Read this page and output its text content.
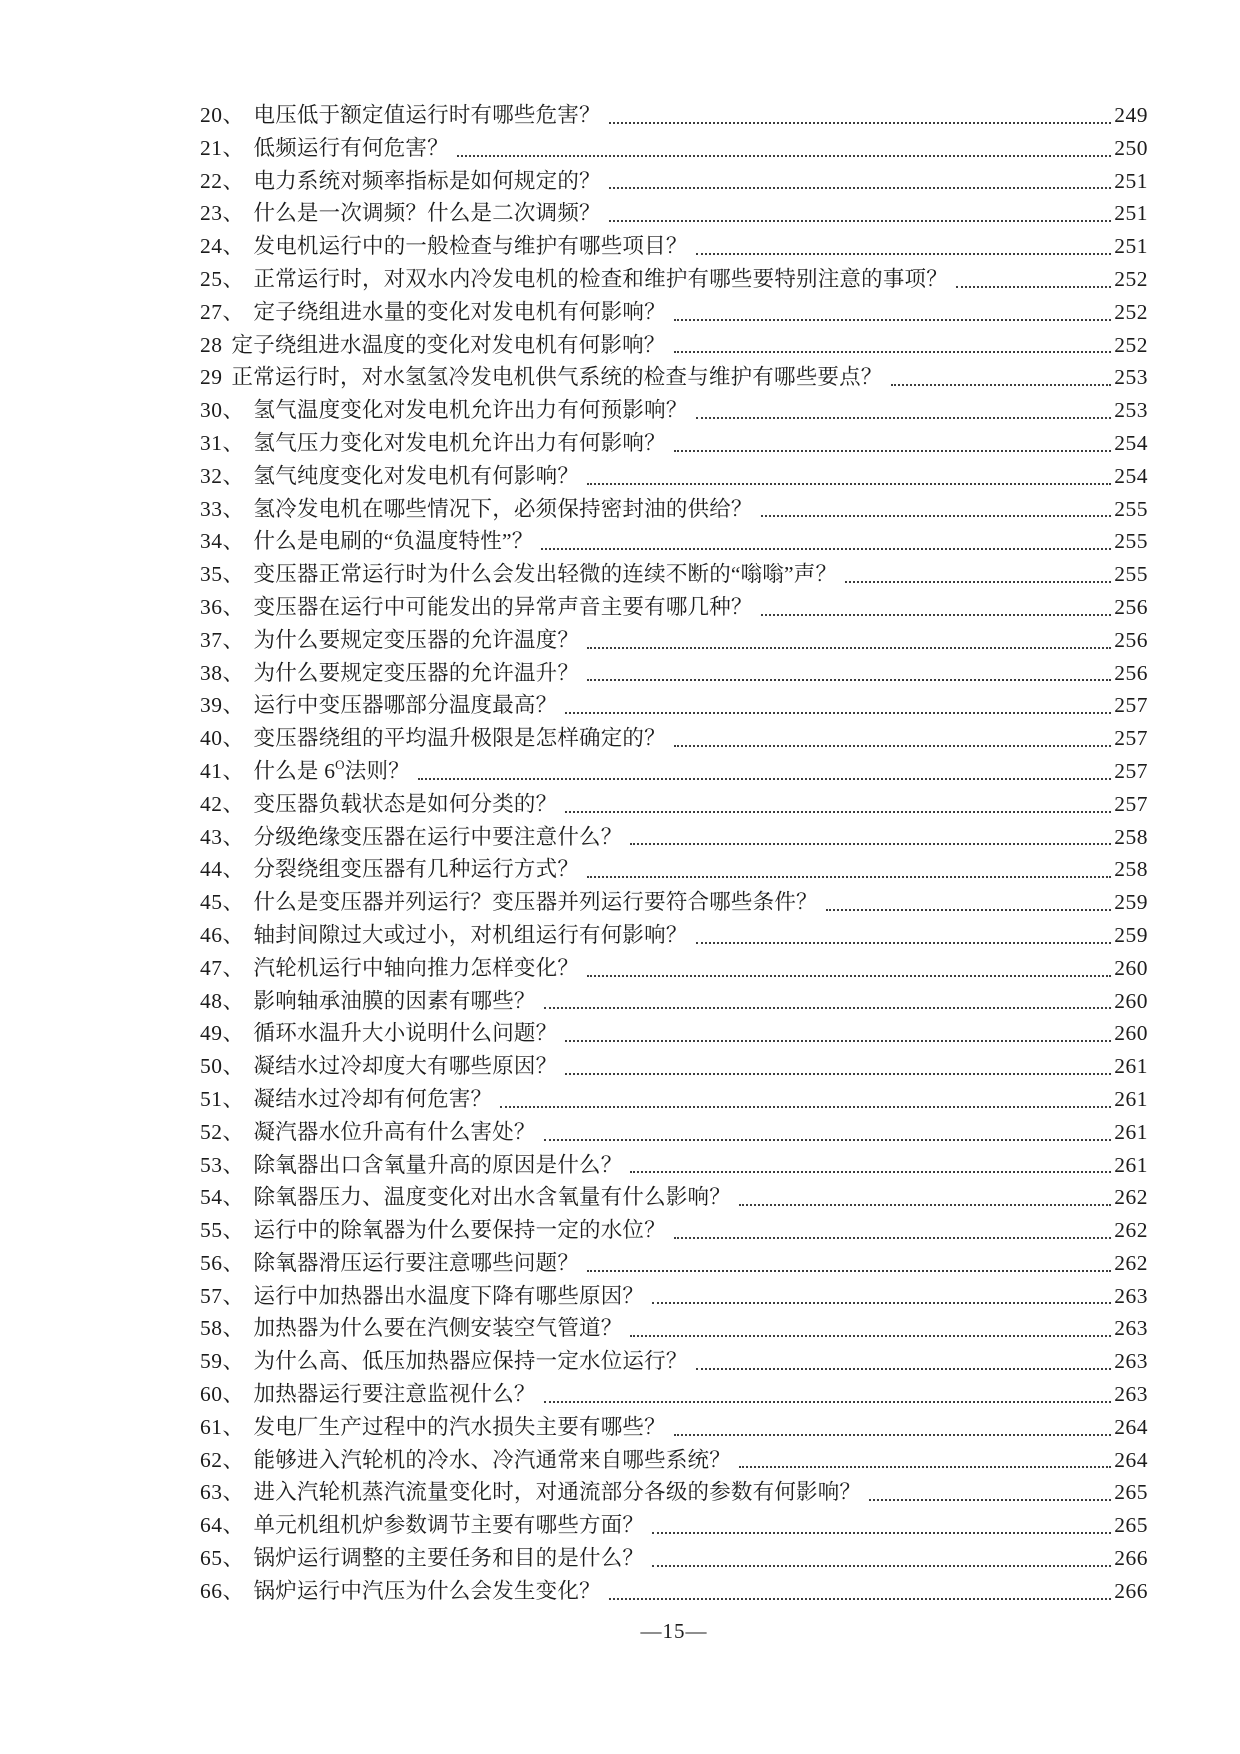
20、 电压低于额定值运行时有哪些危害？	249
21、 低频运行有何危害？	250
22、 电力系统对频率指标是如何规定的？	251
23、 什么是一次调频？什么是二次调频？	251
24、 发电机运行中的一般检查与维护有哪些项目？	251
25、 正常运行时，对双水内冷发电机的检查和维护有哪些要特别注意的事项？	252
27、 定子绕组进水量的变化对发电机有何影响？	252
28 定子绕组进水温度的变化对发电机有何影响？	252
29 正常运行时，对水氢氢冷发电机供气系统的检查与维护有哪些要点？	253
30、 氢气温度变化对发电机允许出力有何预影响？	253
31、 氢气压力变化对发电机允许出力有何影响？	254
32、 氢气纯度变化对发电机有何影响？	254
33、 氢冷发电机在哪些情况下，必须保持密封油的供给？	255
34、 什么是电刷的“负温度特性”？	255
35、 变压器正常运行时为什么会发出轻微的连续不断的“嗡嗡”声？	255
36、 变压器在运行中可能发出的异常声音主要有哪几种？	256
37、 为什么要规定变压器的允许温度？	256
38、 为什么要规定变压器的允许温升？	256
39、 运行中变压器哪部分温度最高？	257
40、 变压器绕组的平均温升极限是怎样确定的？	257
41、 什么是 $6^O$法则？	257
42、 变压器负载状态是如何分类的？	257
43、 分级绝缘变压器在运行中要注意什么？	258
44、 分裂绕组变压器有几种运行方式？	258
45、 什么是变压器并列运行？变压器并列运行要符合哪些条件？	259
46、 轴封间隙过大或过小，对机组运行有何影响？	259
47、 汽轮机运行中轴向推力怎样变化？	260
48、 影响轴承油膜的因素有哪些？	260
49、 循环水温升大小说明什么问题？	260
50、 凝结水过冷却度大有哪些原因？	261
51、 凝结水过冷却有何危害？	261
52、 凝汽器水位升高有什么害处？	261
53、 除氧器出口含氧量升高的原因是什么？	261
54、 除氧器压力、温度变化对出水含氧量有什么影响？	262
55、 运行中的除氧器为什么要保持一定的水位？	262
56、 除氧器滑压运行要注意哪些问题？	262
57、 运行中加热器出水温度下降有哪些原因？	263
58、 加热器为什么要在汽侧安装空气管道？	263
59、 为什么高、低压加热器应保持一定水位运行？	263
60、 加热器运行要注意监视什么？	263
61、 发电厂生产过程中的汽水损失主要有哪些？	264
62、 能够进入汽轮机的冷水、冷汽通常来自哪些系统？	264
63、 进入汽轮机蒸汽流量变化时，对通流部分各级的参数有何影响？	265
64、 单元机组机炉参数调节主要有哪些方面？	265
65、 锅炉运行调整的主要任务和目的是什么？	266
66、 锅炉运行中汽压为什么会发生变化？	266
—15—
